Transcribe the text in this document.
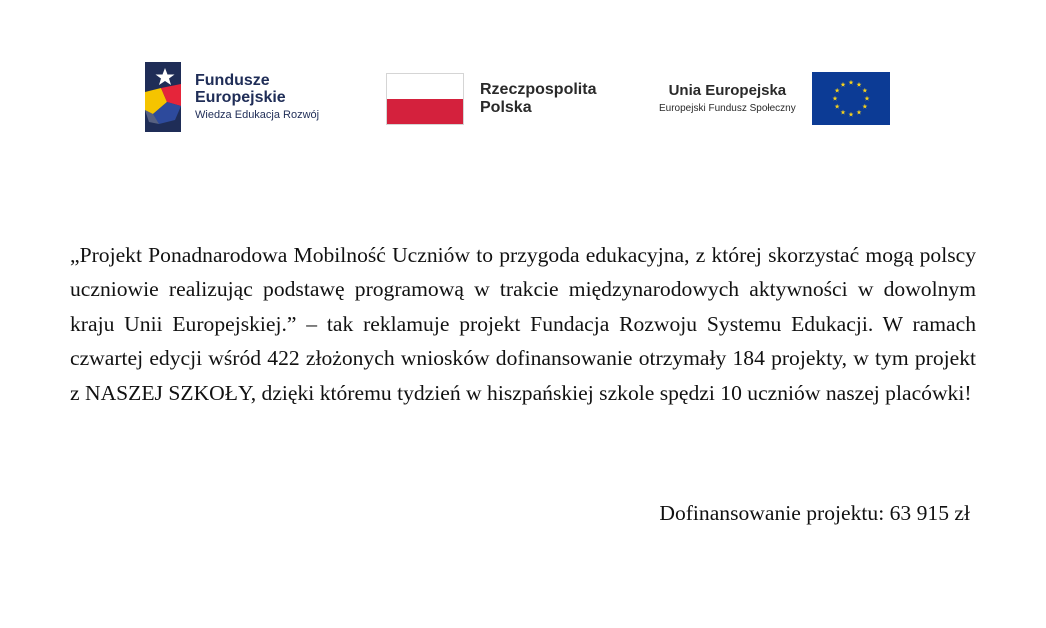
Fundusze
Europejskie
Wiedza Edukacja Rozwój
Rzeczpospolita
Polska
Unia Europejska
Europejski Fundusz Społeczny

„Projekt Ponadnarodowa Mobilność Uczniów to przygoda edukacyjna, z której skorzystać mogą polscy uczniowie realizując podstawę programową w trakcie międzynarodowych aktywności w dowolnym kraju Unii Europejskiej.” – tak reklamuje projekt Fundacja Rozwoju Systemu Edukacji. W ramach czwartej edycji wśród 422 złożonych wniosków dofinansowanie otrzymały 184 projekty, w tym projekt z NASZEJ SZKOŁY, dzięki któremu tydzień w hiszpańskiej szkole spędzi 10 uczniów naszej placówki!

Dofinansowanie projektu: 63 915 zł
